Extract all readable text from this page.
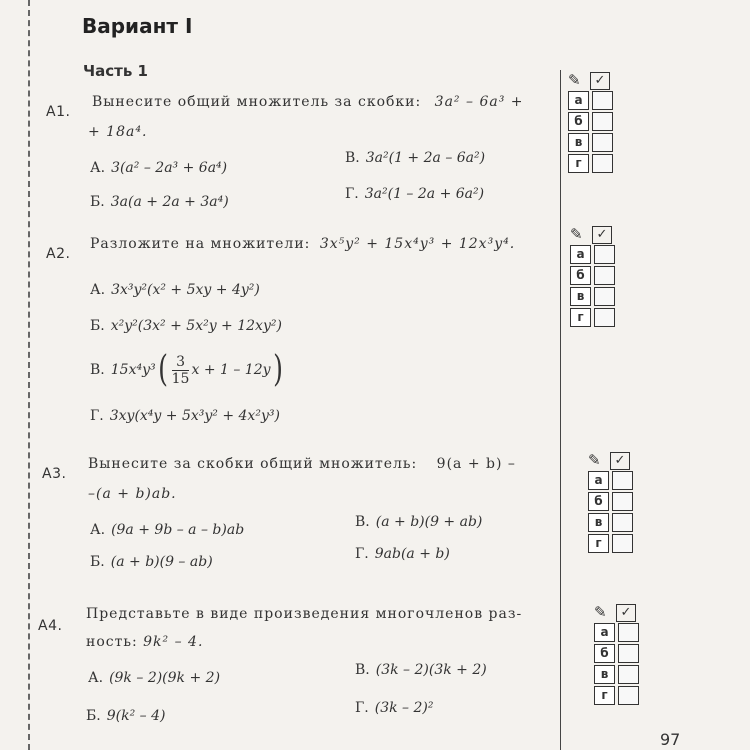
Вариант I
Часть 1
А1.
Вынесите общий множитель за скобки: 3a² – 6a³ +
+ 18a⁴.
А. 3(a² – 2a³ + 6a⁴)
В. 3a²(1 + 2a – 6a²)
Б. 3a(a + 2a + 3a⁴)	Г. 3a²(1 – 2a + 6a²)
А2.
Разложите на множители: 3x⁵y² + 15x⁴y³ + 12x³y⁴.
А. 3x³y²(x² + 5xy + 4y²)
Б. x²y²(3x² + 5x²y + 12xy²)
В. $15x^4y^3( \frac{3}{15}$ x + 1 – 12y)
Г. 3xy(x⁴y + 5x³y² + 4x²y³)
А3.
Вынесите за скобки общий множитель: 9(a + b) –
–(a + b)ab.
А. (9a + 9b – a – b)ab	В. (a + b)(9 + ab)
Б. (a + b)(9 – ab)	Г. 9ab(a + b)
А4.
Представьте в виде произведения многочленов раз-
ность: 9k² – 4.
А. (9k – 2)(9k + 2)	В. (3k – 2)(3k + 2)
Б. 9(k² – 4)	Г. (3k – 2)²
✎ ✓
а
б
в
г
✎ ✓
а
б
в
г
✎ ✓
а
б
в
г
✎ ✓
а
б
в
г
97
